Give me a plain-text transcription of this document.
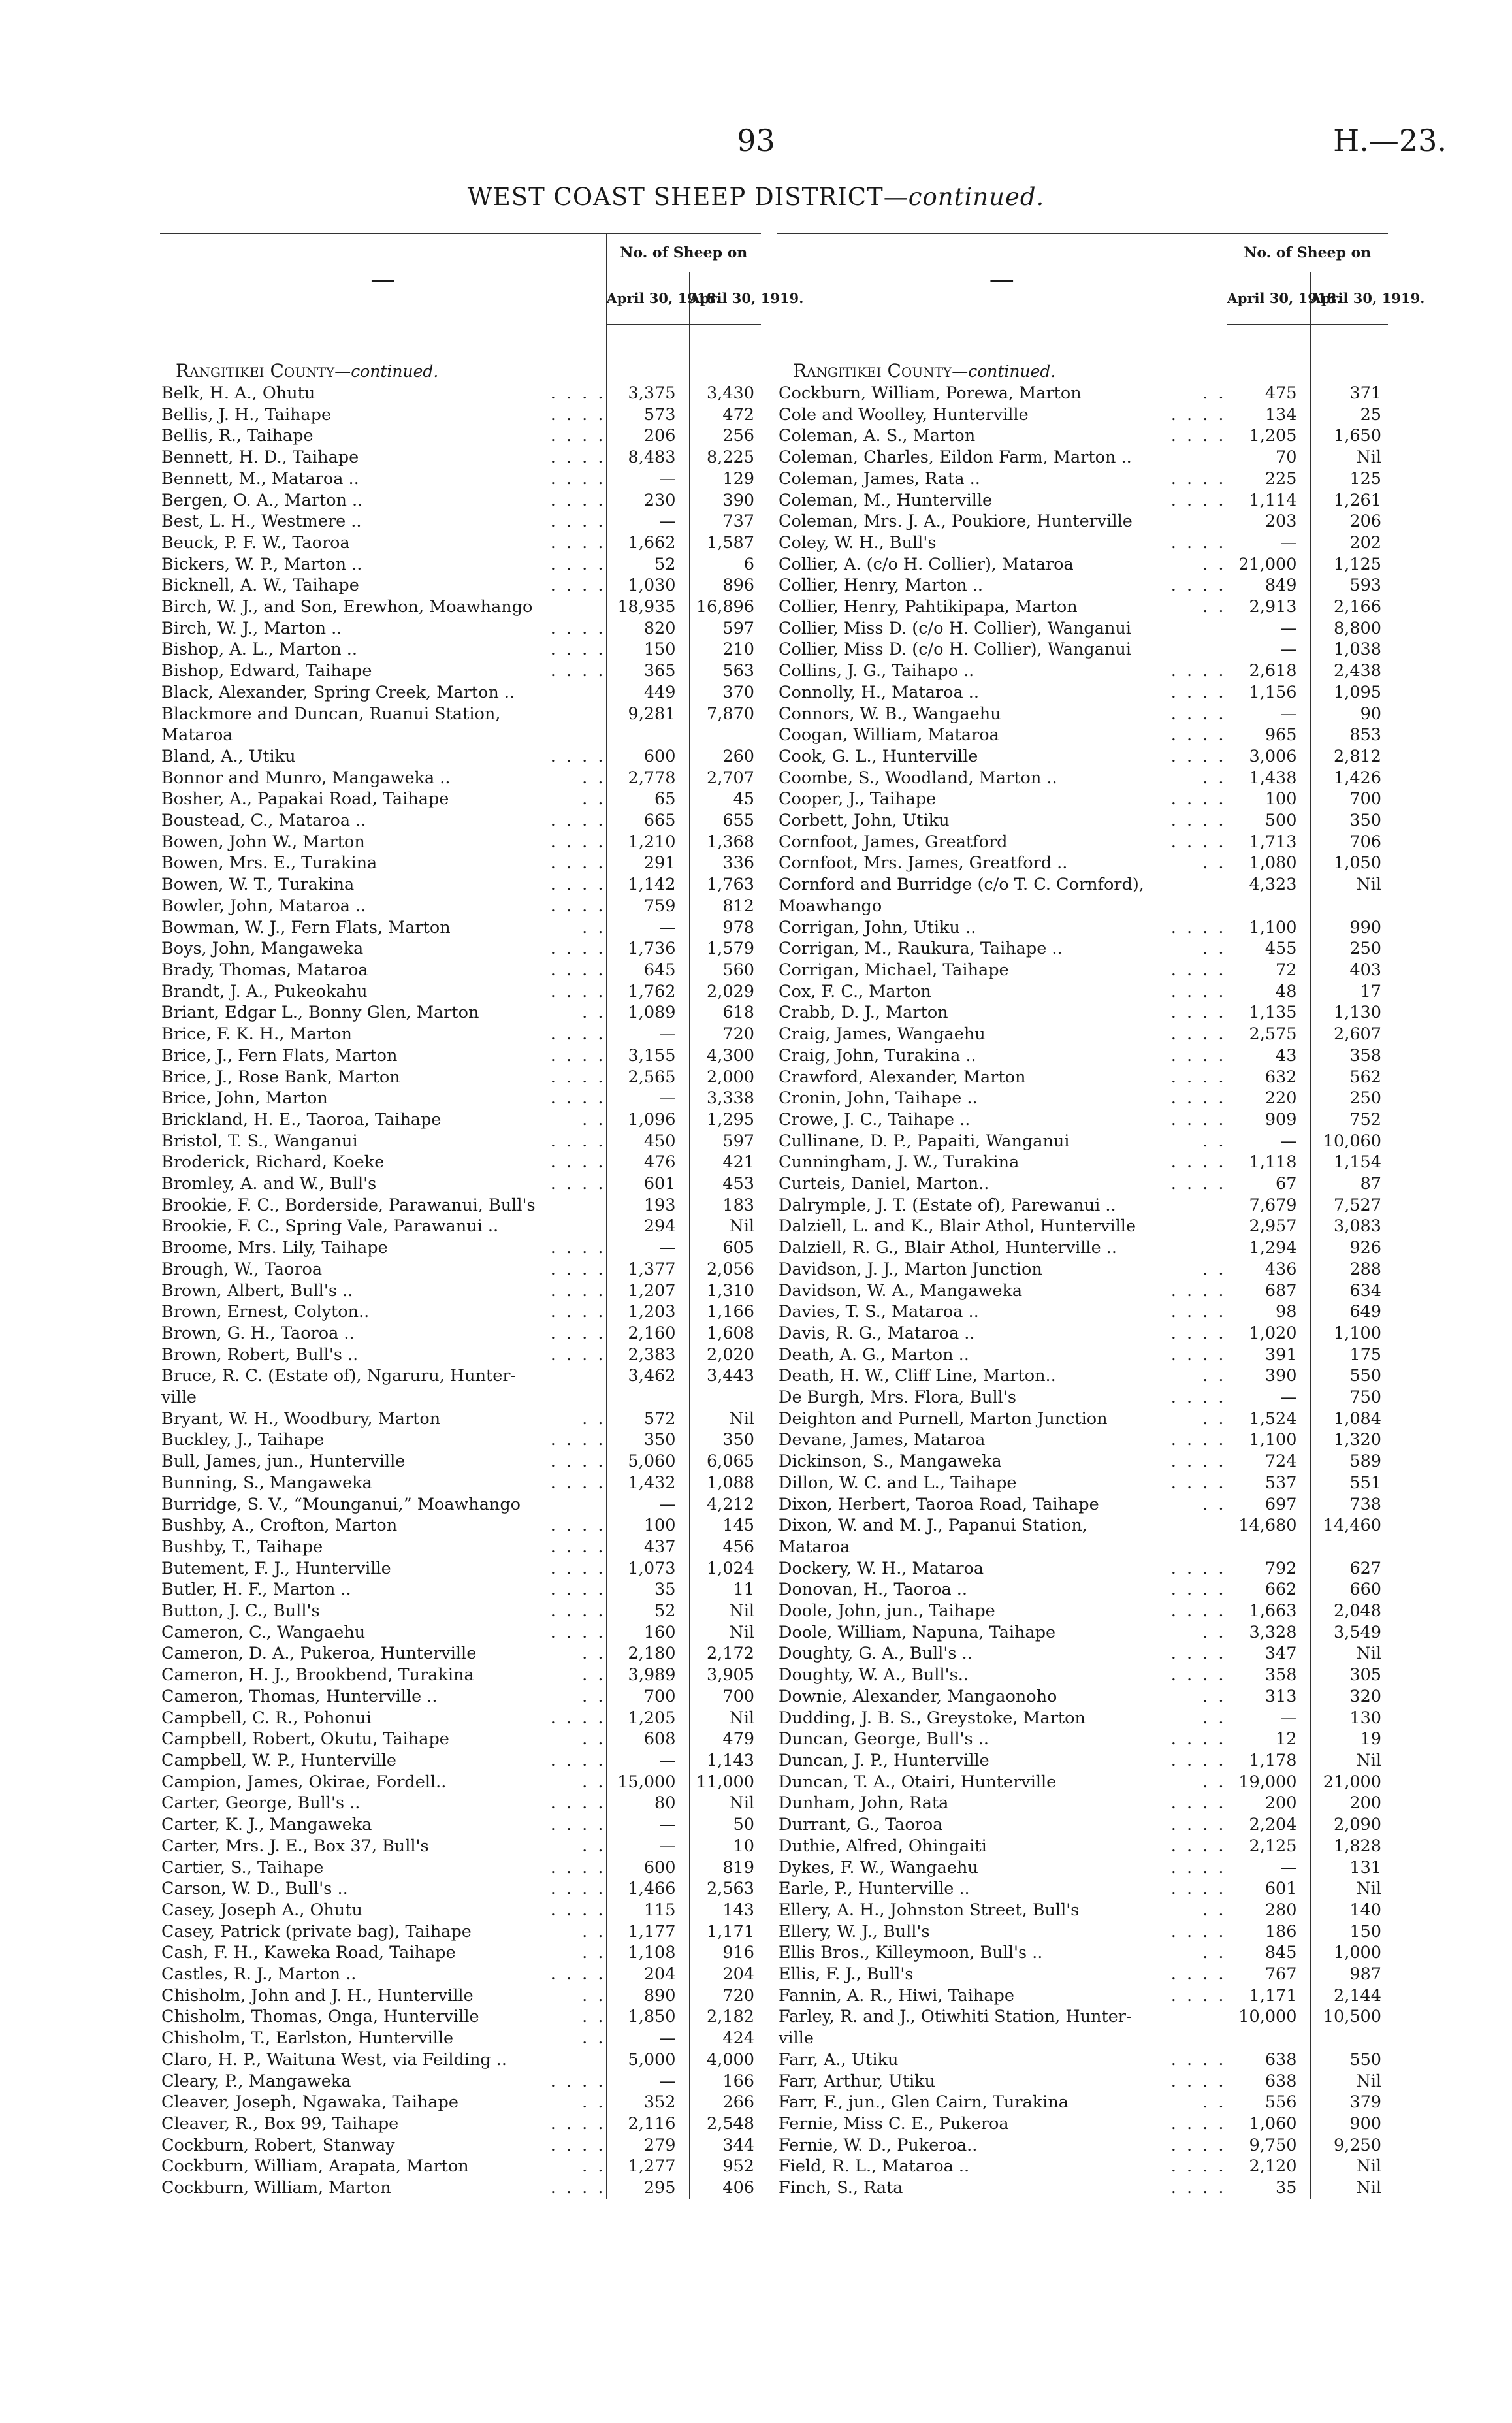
93	H.—23.
WEST COAST SHEEP DISTRICT—continued.
—	No. of Sheep on	
	April 30, 1918.	April 30, 1919.

Rangitikei County—continued.		
Belk, H. A., Ohutu . . . .	3,375	3,430
Bellis, J. H., Taihape . . . .	573	472
Bellis, R., Taihape . . . .	206	256
Bennett, H. D., Taihape . . . .	8,483	8,225
Bennett, M., Mataroa .. . . . .	—	129
Bergen, O. A., Marton .. . . . .	230	390
Best, L. H., Westmere .. . . . .	—	737
Beuck, P. F. W., Taoroa . . . .	1,662	1,587
Bickers, W. P., Marton .. . . . .	52	6
Bicknell, A. W., Taihape . . . .	1,030	896
Birch, W. J., and Son, Erewhon, Moawhango	18,935	16,896
Birch, W. J., Marton .. . . . .	820	597
Bishop, A. L., Marton .. . . . .	150	210
Bishop, Edward, Taihape . . . .	365	563
Black, Alexander, Spring Creek, Marton ..	449	370
Blackmore and Duncan, Ruanui Station,	9,281	7,870
Mataroa		
Bland, A., Utiku . . . .	600	260
Bonnor and Munro, Mangaweka .. . .	2,778	2,707
Bosher, A., Papakai Road, Taihape . .	65	45
Boustead, C., Mataroa .. . . . .	665	655
Bowen, John W., Marton . . . .	1,210	1,368
Bowen, Mrs. E., Turakina . . . .	291	336
Bowen, W. T., Turakina . . . .	1,142	1,763
Bowler, John, Mataroa .. . . . .	759	812
Bowman, W. J., Fern Flats, Marton . .	—	978
Boys, John, Mangaweka . . . .	1,736	1,579
Brady, Thomas, Mataroa . . . .	645	560
Brandt, J. A., Pukeokahu . . . .	1,762	2,029
Briant, Edgar L., Bonny Glen, Marton . .	1,089	618
Brice, F. K. H., Marton . . . .	—	720
Brice, J., Fern Flats, Marton . . . .	3,155	4,300
Brice, J., Rose Bank, Marton . . . .	2,565	2,000
Brice, John, Marton . . . .	—	3,338
Brickland, H. E., Taoroa, Taihape . .	1,096	1,295
Bristol, T. S., Wanganui . . . .	450	597
Broderick, Richard, Koeke . . . .	476	421
Bromley, A. and W., Bull's . . . .	601	453
Brookie, F. C., Borderside, Parawanui, Bull's	193	183
Brookie, F. C., Spring Vale, Parawanui ..	294	Nil
Broome, Mrs. Lily, Taihape . . . .	—	605
Brough, W., Taoroa . . . .	1,377	2,056
Brown, Albert, Bull's .. . . . .	1,207	1,310
Brown, Ernest, Colyton.. . . . .	1,203	1,166
Brown, G. H., Taoroa .. . . . .	2,160	1,608
Brown, Robert, Bull's .. . . . .	2,383	2,020
Bruce, R. C. (Estate of), Ngaruru, Hunter-	3,462	3,443
ville		
Bryant, W. H., Woodbury, Marton . .	572	Nil
Buckley, J., Taihape . . . .	350	350
Bull, James, jun., Hunterville . . . .	5,060	6,065
Bunning, S., Mangaweka . . . .	1,432	1,088
Burridge, S. V., “Mounganui,” Moawhango	—	4,212
Bushby, A., Crofton, Marton . . . .	100	145
Bushby, T., Taihape . . . .	437	456
Butement, F. J., Hunterville . . . .	1,073	1,024
Butler, H. F., Marton .. . . . .	35	11
Button, J. C., Bull's . . . .	52	Nil
Cameron, C., Wangaehu . . . .	160	Nil
Cameron, D. A., Pukeroa, Hunterville . .	2,180	2,172
Cameron, H. J., Brookbend, Turakina . .	3,989	3,905
Cameron, Thomas, Hunterville .. . .	700	700
Campbell, C. R., Pohonui . . . .	1,205	Nil
Campbell, Robert, Okutu, Taihape . .	608	479
Campbell, W. P., Hunterville . . . .	—	1,143
Campion, James, Okirae, Fordell.. . .	15,000	11,000
Carter, George, Bull's .. . . . .	80	Nil
Carter, K. J., Mangaweka . . . .	—	50
Carter, Mrs. J. E., Box 37, Bull's . .	—	10
Cartier, S., Taihape . . . .	600	819
Carson, W. D., Bull's .. . . . .	1,466	2,563
Casey, Joseph A., Ohutu . . . .	115	143
Casey, Patrick (private bag), Taihape . .	1,177	1,171
Cash, F. H., Kaweka Road, Taihape . .	1,108	916
Castles, R. J., Marton .. . . . .	204	204
Chisholm, John and J. H., Hunterville . .	890	720
Chisholm, Thomas, Onga, Hunterville . .	1,850	2,182
Chisholm, T., Earlston, Hunterville . .	—	424
Claro, H. P., Waituna West, via Feilding ..	5,000	4,000
Cleary, P., Mangaweka . . . .	—	166
Cleaver, Joseph, Ngawaka, Taihape . .	352	266
Cleaver, R., Box 99, Taihape . . . .	2,116	2,548
Cockburn, Robert, Stanway . . . .	279	344
Cockburn, William, Arapata, Marton . .	1,277	952
Cockburn, William, Marton . . . .	295	406
—	No. of Sheep on	
	April 30, 1918.	April 30, 1919.

Rangitikei County—continued.		
Cockburn, William, Porewa, Marton . .	475	371
Cole and Woolley, Hunterville . . . .	134	25
Coleman, A. S., Marton . . . .	1,205	1,650
Coleman, Charles, Eildon Farm, Marton ..	70	Nil
Coleman, James, Rata .. . . . .	225	125
Coleman, M., Hunterville . . . .	1,114	1,261
Coleman, Mrs. J. A., Poukiore, Hunterville	203	206
Coley, W. H., Bull's . . . .	—	202
Collier, A. (c/o H. Collier), Mataroa . .	21,000	1,125
Collier, Henry, Marton .. . . . .	849	593
Collier, Henry, Pahtikipapa, Marton . .	2,913	2,166
Collier, Miss D. (c/o H. Collier), Wanganui	—	8,800
Collier, Miss D. (c/o H. Collier), Wanganui	—	1,038
Collins, J. G., Taihapo .. . . . .	2,618	2,438
Connolly, H., Mataroa .. . . . .	1,156	1,095
Connors, W. B., Wangaehu . . . .	—	90
Coogan, William, Mataroa . . . .	965	853
Cook, G. L., Hunterville . . . .	3,006	2,812
Coombe, S., Woodland, Marton .. . .	1,438	1,426
Cooper, J., Taihape . . . .	100	700
Corbett, John, Utiku . . . .	500	350
Cornfoot, James, Greatford . . . .	1,713	706
Cornfoot, Mrs. James, Greatford .. . .	1,080	1,050
Cornford and Burridge (c/o T. C. Cornford),	4,323	Nil
Moawhango		
Corrigan, John, Utiku .. . . . .	1,100	990
Corrigan, M., Raukura, Taihape .. . .	455	250
Corrigan, Michael, Taihape . . . .	72	403
Cox, F. C., Marton . . . .	48	17
Crabb, D. J., Marton . . . .	1,135	1,130
Craig, James, Wangaehu . . . .	2,575	2,607
Craig, John, Turakina .. . . . .	43	358
Crawford, Alexander, Marton . . . .	632	562
Cronin, John, Taihape .. . . . .	220	250
Crowe, J. C., Taihape .. . . . .	909	752
Cullinane, D. P., Papaiti, Wanganui . .	—	10,060
Cunningham, J. W., Turakina . . . .	1,118	1,154
Curteis, Daniel, Marton.. . . . .	67	87
Dalrymple, J. T. (Estate of), Parewanui ..	7,679	7,527
Dalziell, L. and K., Blair Athol, Hunterville	2,957	3,083
Dalziell, R. G., Blair Athol, Hunterville ..	1,294	926
Davidson, J. J., Marton Junction . .	436	288
Davidson, W. A., Mangaweka . . . .	687	634
Davies, T. S., Mataroa .. . . . .	98	649
Davis, R. G., Mataroa .. . . . .	1,020	1,100
Death, A. G., Marton .. . . . .	391	175
Death, H. W., Cliff Line, Marton.. . .	390	550
De Burgh, Mrs. Flora, Bull's . . . .	—	750
Deighton and Purnell, Marton Junction . .	1,524	1,084
Devane, James, Mataroa . . . .	1,100	1,320
Dickinson, S., Mangaweka . . . .	724	589
Dillon, W. C. and L., Taihape . . . .	537	551
Dixon, Herbert, Taoroa Road, Taihape . .	697	738
Dixon, W. and M. J., Papanui Station,	14,680	14,460
Mataroa		
Dockery, W. H., Mataroa . . . .	792	627
Donovan, H., Taoroa .. . . . .	662	660
Doole, John, jun., Taihape . . . .	1,663	2,048
Doole, William, Napuna, Taihape . .	3,328	3,549
Doughty, G. A., Bull's .. . . . .	347	Nil
Doughty, W. A., Bull's.. . . . .	358	305
Downie, Alexander, Mangaonoho . .	313	320
Dudding, J. B. S., Greystoke, Marton . .	—	130
Duncan, George, Bull's .. . . . .	12	19
Duncan, J. P., Hunterville . . . .	1,178	Nil
Duncan, T. A., Otairi, Hunterville . .	19,000	21,000
Dunham, John, Rata . . . .	200	200
Durrant, G., Taoroa . . . .	2,204	2,090
Duthie, Alfred, Ohingaiti . . . .	2,125	1,828
Dykes, F. W., Wangaehu . . . .	—	131
Earle, P., Hunterville .. . . . .	601	Nil
Ellery, A. H., Johnston Street, Bull's . .	280	140
Ellery, W. J., Bull's . . . .	186	150
Ellis Bros., Killeymoon, Bull's .. . .	845	1,000
Ellis, F. J., Bull's . . . .	767	987
Fannin, A. R., Hiwi, Taihape . . . .	1,171	2,144
Farley, R. and J., Otiwhiti Station, Hunter-	10,000	10,500
ville		
Farr, A., Utiku . . . .	638	550
Farr, Arthur, Utiku . . . .	638	Nil
Farr, F., jun., Glen Cairn, Turakina . .	556	379
Fernie, Miss C. E., Pukeroa . . . .	1,060	900
Fernie, W. D., Pukeroa.. . . . .	9,750	9,250
Field, R. L., Mataroa .. . . . .	2,120	Nil
Finch, S., Rata . . . .	35	Nil
